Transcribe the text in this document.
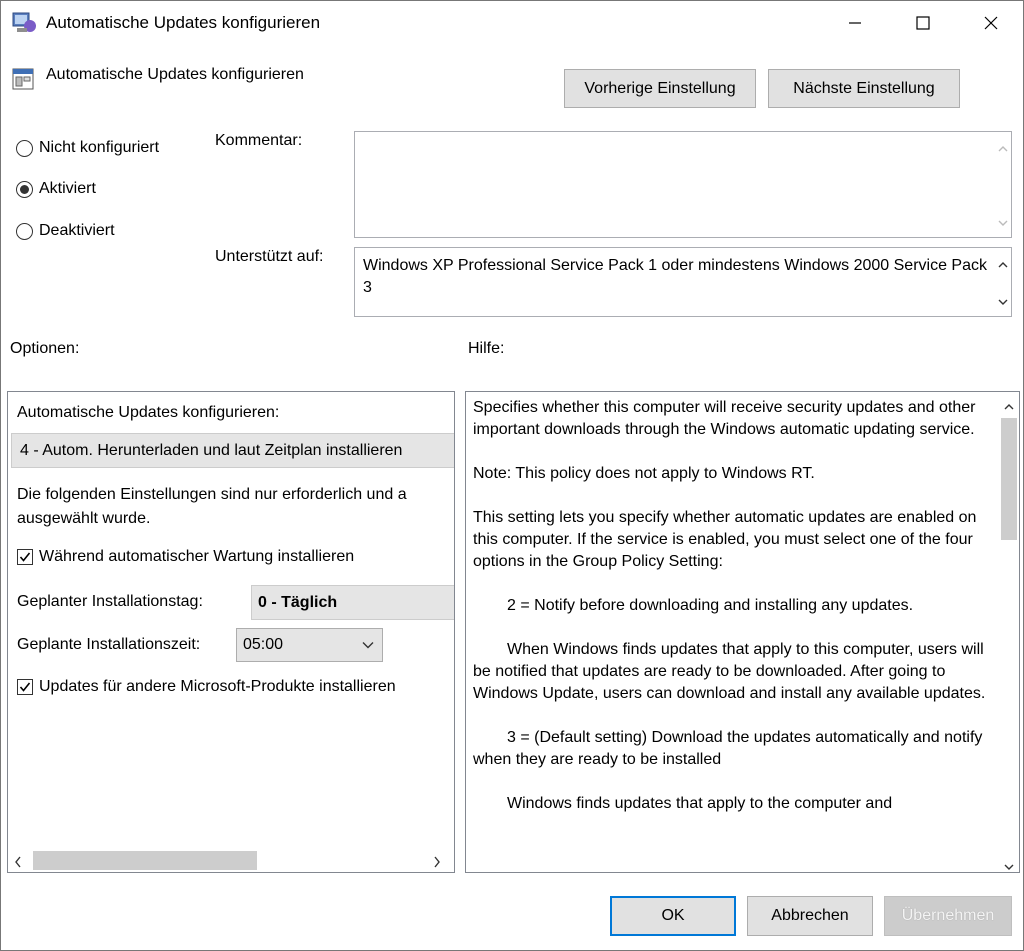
Automatische Updates konfigurieren
Automatische Updates konfigurieren
Vorherige Einstellung	Nächste Einstellung
Nicht konfiguriert
Aktiviert
Deaktiviert
Kommentar:
Unterstützt auf:
Windows XP Professional Service Pack 1 oder mindestens Windows 2000 Service Pack 3
Optionen:	Hilfe:
Automatische Updates konfigurieren:
4 - Autom. Herunterladen und laut Zeitplan installieren
Die folgenden Einstellungen sind nur erforderlich und a
ausgewählt wurde.
Während automatischer Wartung installieren
Geplanter Installationstag:	0 - Täglich
Geplante Installationszeit:	05:00
Updates für andere Microsoft-Produkte installieren

Specifies whether this computer will receive security updates and other important downloads through the Windows automatic updating service.

Note: This policy does not apply to Windows RT.

This setting lets you specify whether automatic updates are enabled on this computer. If the service is enabled, you must select one of the four options in the Group Policy Setting:

2 = Notify before downloading and installing any updates.

When Windows finds updates that apply to this computer, users will be notified that updates are ready to be downloaded. After going to Windows Update, users can download and install any available updates.

3 = (Default setting) Download the updates automatically and notify when they are ready to be installed

Windows finds updates that apply to the computer and

OK	Abbrechen	Übernehmen
